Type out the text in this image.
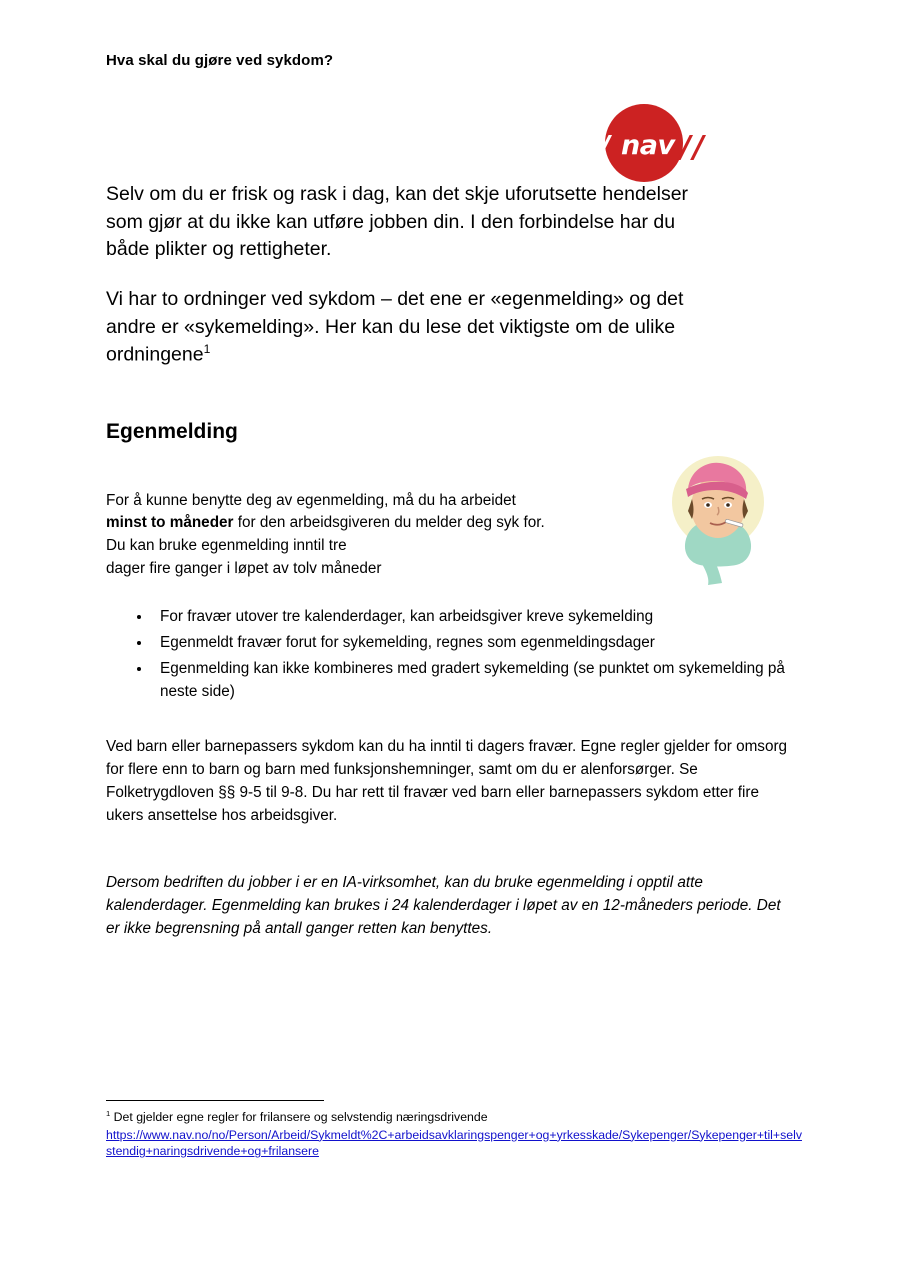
Hva skal du gjøre ved sykdom?

Selv om du er frisk og rask i dag, kan det skje uforutsette hendelser som gjør at du ikke kan utføre jobben din. I den forbindelse har du både plikter og rettigheter.

Vi har to ordninger ved sykdom – det ene er «egenmelding» og det andre er «sykemelding». Her kan du lese det viktigste om de ulike ordningene$^1$

Egenmelding

For å kunne benytte deg av egenmelding, må du ha arbeidet

minst to måneder for den arbeidsgiveren du melder deg syk for.

Du kan bruke egenmelding inntil tre

dager fire ganger i løpet av tolv måneder

• For fravær utover tre kalenderdager, kan arbeidsgiver kreve sykemelding
• Egenmeldt fravær forut for sykemelding, regnes som egenmeldingsdager
• Egenmelding kan ikke kombineres med gradert sykemelding (se punktet om sykemelding på neste side)
Ved barn eller barnepassers sykdom kan du ha inntil ti dagers fravær. Egne regler gjelder for omsorg for flere enn to barn og barn med funksjonshemninger, samt om du er alenforsørger. Se Folketrygdloven §§ 9-5 til 9-8. Du har rett til fravær ved barn eller barnepassers sykdom etter fire ukers ansettelse hos arbeidsgiver.
Dersom bedriften du jobber i er en IA-virksomhet, kan du bruke egenmelding i opptil atte kalenderdager. Egenmelding kan brukes i 24 kalenderdager i løpet av en 12-måneders periode. Det er ikke begrensning på antall ganger retten kan benyttes.
/ nav / /
$^1$ Det gjelder egne regler for frilansere og selvstendig næringsdrivende
https://www.nav.no/no/Person/Arbeid/Sykmeldt%2C+arbeidsavklaringspenger+og+yrkesskade/Sykepenger/Sykepenger+til+selvstendig+naringsdrivende+og+frilansere
